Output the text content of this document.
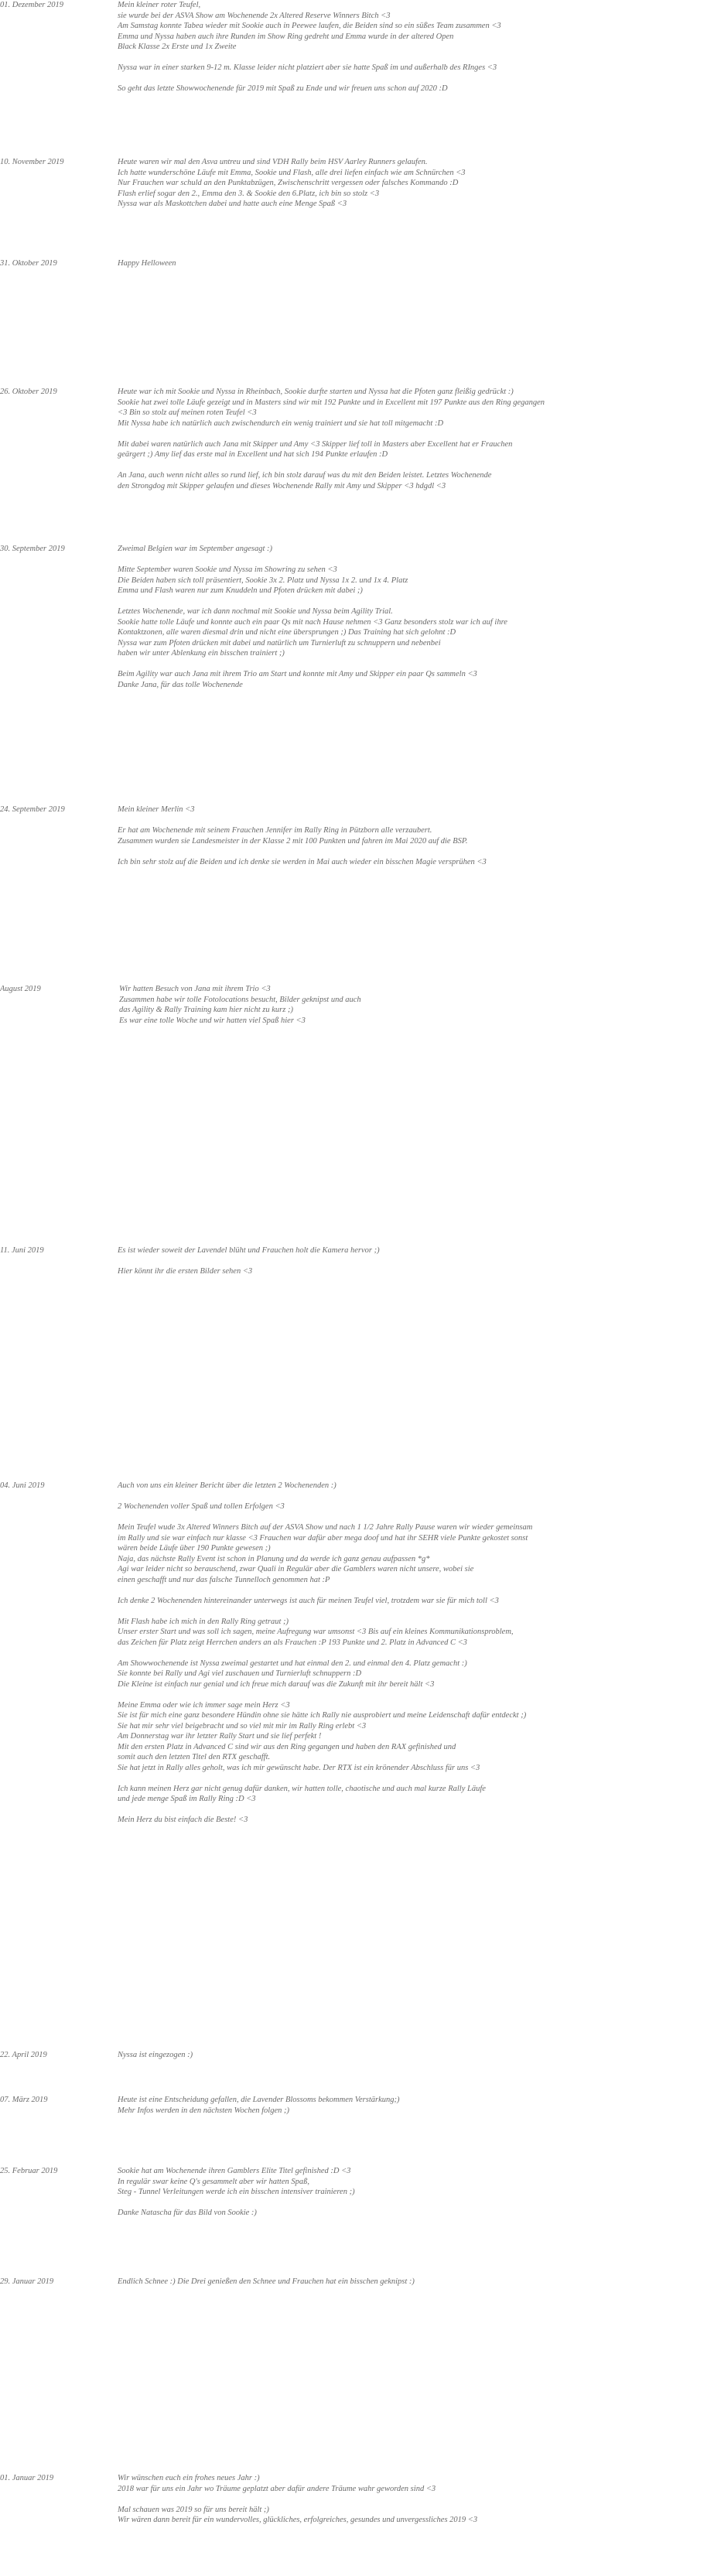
01. Dezember 2019	Mein kleiner roter Teufel,
sie wurde bei der ASVA Show am Wochenende 2x Altered Reserve Winners Bitch <3
Am Samstag konnte Tabea wieder mit Sookie auch in Peewee laufen, die Beiden sind so ein süßes Team zusammen <3
Emma und Nyssa haben auch ihre Runden im Show Ring gedreht und Emma wurde in der altered Open
Black Klasse 2x Erste und 1x Zweite

Nyssa war in einer starken 9-12 m. Klasse leider nicht platziert aber sie hatte Spaß im und außerhalb des RInges <3

So geht das letzte Showwochenende für 2019 mit Spaß zu Ende und wir freuen uns schon auf 2020 :D

10. November 2019	Heute waren wir mal den Asva untreu und sind VDH Rally beim HSV Aarley Runners gelaufen.
Ich hatte wunderschöne Läufe mit Emma, Sookie und Flash, alle drei liefen einfach wie am Schnürchen <3
Nur Frauchen war schuld an den Punktabzügen, Zwischenschritt vergessen oder falsches Kommando :D
Flash erlief sogar den 2., Emma den 3. & Sookie den 6.Platz, ich bin so stolz <3
Nyssa war als Maskottchen dabei und hatte auch eine Menge Spaß <3

31. Oktober 2019	Happy Helloween

26. Oktober 2019	Heute war ich mit Sookie und Nyssa in Rheinbach, Sookie durfte starten und Nyssa hat die Pfoten ganz fleißig gedrückt :)
Sookie hat zwei tolle Läufe gezeigt und in Masters sind wir mit 192 Punkte und in Excellent mit 197 Punkte aus den Ring gegangen
<3 Bin so stolz auf meinen roten Teufel <3
Mit Nyssa habe ich natürlich auch zwischendurch ein wenig trainiert und sie hat toll mitgemacht :D

Mit dabei waren natürlich auch Jana mit Skipper und Amy <3 Skipper lief toll in Masters aber Excellent hat er Frauchen
geärgert ;) Amy lief das erste mal in Excellent und hat sich 194 Punkte erlaufen :D

An Jana, auch wenn nicht alles so rund lief, ich bin stolz darauf was du mit den Beiden leistet. Letztes Wochenende
den Strongdog mit Skipper gelaufen und dieses Wochenende Rally mit Amy und Skipper <3 hdgdl <3

30. September 2019	Zweimal Belgien war im September angesagt :)

Mitte September waren Sookie und Nyssa im Showring zu sehen <3
Die Beiden haben sich toll präsentiert, Sookie 3x 2. Platz und Nyssa 1x 2. und 1x 4. Platz
Emma und Flash waren nur zum Knuddeln und Pfoten drücken mit dabei ;)

Letztes Wochenende, war ich dann nochmal mit Sookie und Nyssa beim Agility Trial.
Sookie hatte tolle Läufe und konnte auch ein paar Qs mit nach Hause nehmen <3 Ganz besonders stolz war ich auf ihre
Kontaktzonen, alle waren diesmal drin und nicht eine übersprungen ;) Das Training hat sich gelohnt :D
Nyssa war zum Pfoten drücken mit dabei und natürlich um Turnierluft zu schnuppern und nebenbei
haben wir unter Ablenkung ein bisschen trainiert ;)

Beim Agility war auch Jana mit ihrem Trio am Start und konnte mit Amy und Skipper ein paar Qs sammeln <3
Danke Jana, für das tolle Wochenende

24. September 2019	Mein kleiner Merlin <3

Er hat am Wochenende mit seinem Frauchen Jennifer im Rally Ring in Pützborn alle verzaubert.
Zusammen wurden sie Landesmeister in der Klasse 2 mit 100 Punkten und fahren im Mai 2020 auf die BSP.

Ich bin sehr stolz auf die Beiden und ich denke sie werden in Mai auch wieder ein bisschen Magie versprühen <3

August 2019	Wir hatten Besuch von Jana mit ihrem Trio <3
Zusammen habe wir tolle Fotolocations besucht, Bilder geknipst und auch
das Agility & Rally Training kam hier nicht zu kurz ;)
Es war eine tolle Woche und wir hatten viel Spaß hier <3

11. Juni 2019	Es ist wieder soweit der Lavendel blüht und Frauchen holt die Kamera hervor ;)

Hier könnt ihr die ersten Bilder sehen <3

04. Juni 2019	Auch von uns ein kleiner Bericht über die letzten 2 Wochenenden :)

2 Wochenenden voller Spaß und tollen Erfolgen <3

Mein Teufel wude 3x Altered Winners Bitch auf der ASVA Show und nach 1 1/2 Jahre Rally Pause waren wir wieder gemeinsam
im Rally und sie war einfach nur klasse <3 Frauchen war dafür aber mega doof und hat ihr SEHR viele Punkte gekostet sonst
wären beide Läufe über 190 Punkte gewesen ;)
Naja, das nächste Rally Event ist schon in Planung und da werde ich ganz genau aufpassen *g*
Agi war leider nicht so berauschend, zwar Quali in Regulär aber die Gamblers waren nicht unsere, wobei sie
einen geschafft und nur das falsche Tunnelloch genommen hat :P

Ich denke 2 Wochenenden hintereinander unterwegs ist auch für meinen Teufel viel, trotzdem war sie für mich toll <3

Mit Flash habe ich mich in den Rally Ring getraut ;)
Unser erster Start und was soll ich sagen, meine Aufregung war umsonst <3 Bis auf ein kleines Kommunikationsproblem,
das Zeichen für Platz zeigt Herrchen anders an als Frauchen :P 193 Punkte und 2. Platz in Advanced C <3

Am Showwochenende ist Nyssa zweimal gestartet und hat einmal den 2. und einmal den 4. Platz gemacht :)
Sie konnte bei Rally und Agi viel zuschauen und Turnierluft schnuppern :D
Die Kleine ist einfach nur genial und ich freue mich darauf was die Zukunft mit ihr bereit hält <3

Meine Emma oder wie ich immer sage mein Herz <3
Sie ist für mich eine ganz besondere Hündin ohne sie hätte ich Rally nie ausprobiert und meine Leidenschaft dafür entdeckt ;)
Sie hat mir sehr viel beigebracht und so viel mit mir im Rally Ring erlebt <3
Am Donnerstag war ihr letzter Rally Start und sie lief perfekt !
Mit den ersten Platz in Advanced C sind wir aus den Ring gegangen und haben den RAX gefinished und
somit auch den letzten Titel den RTX geschafft.
Sie hat jetzt in Rally alles geholt, was ich mir gewünscht habe. Der RTX ist ein krönender Abschluss für uns <3

Ich kann meinen Herz gar nicht genug dafür danken, wir hatten tolle, chaotische und auch mal kurze Rally Läufe
und jede menge Spaß im Rally Ring :D <3

Mein Herz du bist einfach die Beste! <3

22. April 2019	Nyssa ist eingezogen :)

07. März 2019	Heute ist eine Entscheidung gefallen, die Lavender Blossoms bekommen Verstärkung;)
Mehr Infos werden in den nächsten Wochen folgen ;)

25. Februar 2019	Sookie hat am Wochenende ihren Gamblers Elite Titel gefinished :D <3
In regulär swar keine Q's gesammelt aber wir hatten Spaß,
Steg - Tunnel Verleitungen werde ich ein bisschen intensiver trainieren ;)

Danke Natascha für das Bild von Sookie :)

29. Januar 2019	Endlich Schnee :) Die Drei genießen den Schnee und Frauchen hat ein bisschen geknipst :)

01. Januar 2019	Wir wünschen euch ein frohes neues Jahr :)
2018 war für uns ein Jahr wo Träume geplatzt aber dafür andere Träume wahr geworden sind <3

Mal schauen was 2019 so für uns bereit hält ;)
Wir wären dann bereit für ein wundervolles, glückliches, erfolgreiches, gesundes und unvergessliches 2019 <3
